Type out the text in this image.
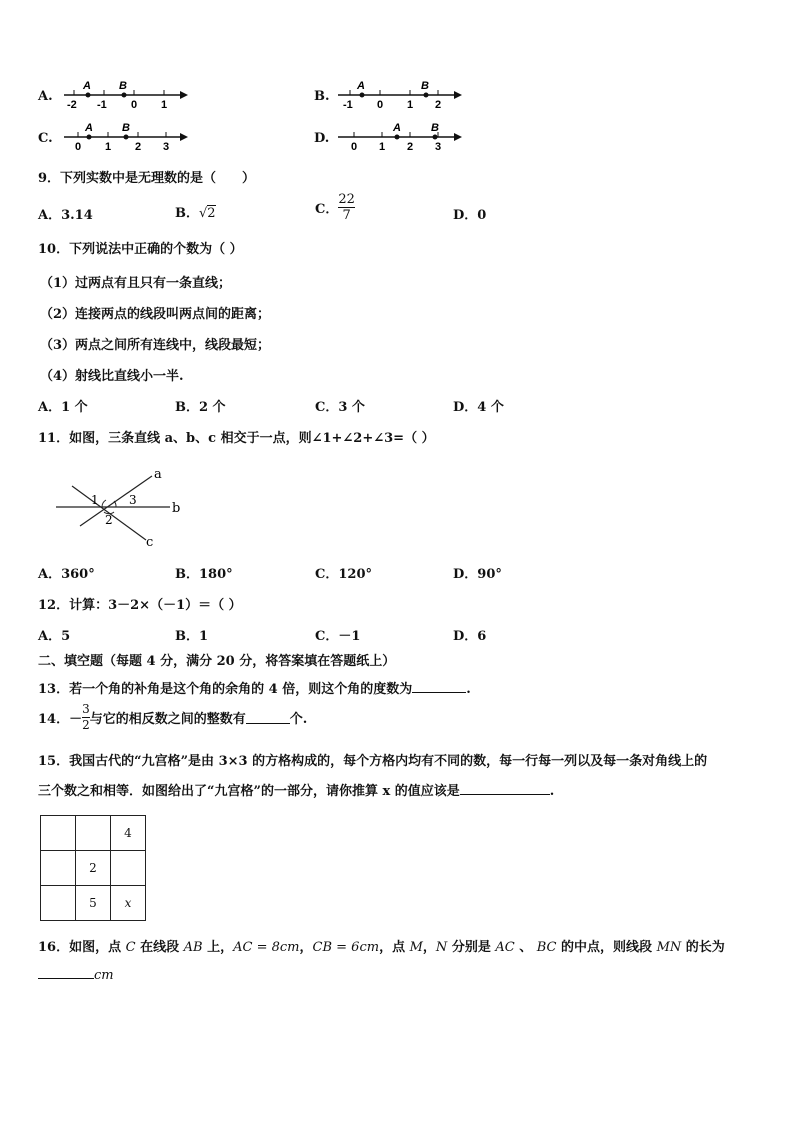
A.
A	B
-2 -1 0 1
B.
A	B
-1 0 1 2
C.
A	B
0 1 2 3
D.
A	B
0 1 2 3
9．下列实数中是无理数的是（　　）
A．3.14	B．√2	C． $\frac{22}{7}$	D．0
10．下列说法中正确的个数为（ ）
（1）过两点有且只有一条直线；
（2）连接两点的线段叫两点间的距离；
（3）两点之间所有连线中，线段最短；
（4）射线比直线小一半.
A．1 个	B．2 个	C．3 个	D．4 个
11．如图，三条直线 a、b、c 相交于一点，则∠1+∠2+∠3=（ ）
a
b
c
1	3
2
A．360°	B．180°	C．120°	D．90°
12．计算：3－2×（－1）＝（ ）
A．5	B．1	C．－1	D．6
二、填空题（每题 4 分，满分 20 分，将答案填在答题纸上）
13．若一个角的补角是这个角的余角的 4 倍，则这个角的度数为	.
14．－ $\frac{3}{2}$ 与它的相反数之间的整数有	个.
15．我国古代的“九宫格”是由 3×3 的方格构成的，每个方格内均有不同的数，每一行每一列以及每一条对角线上的
三个数之和相等．如图给出了“九宫格”的一部分，请你推算 x 的值应该是	.
		4
	2	
	5	x
16．如图，点 C 在线段 AB 上，AC = 8cm，CB = 6cm，点 M，N 分别是 AC 、 BC 的中点，则线段 MN 的长为
cm
